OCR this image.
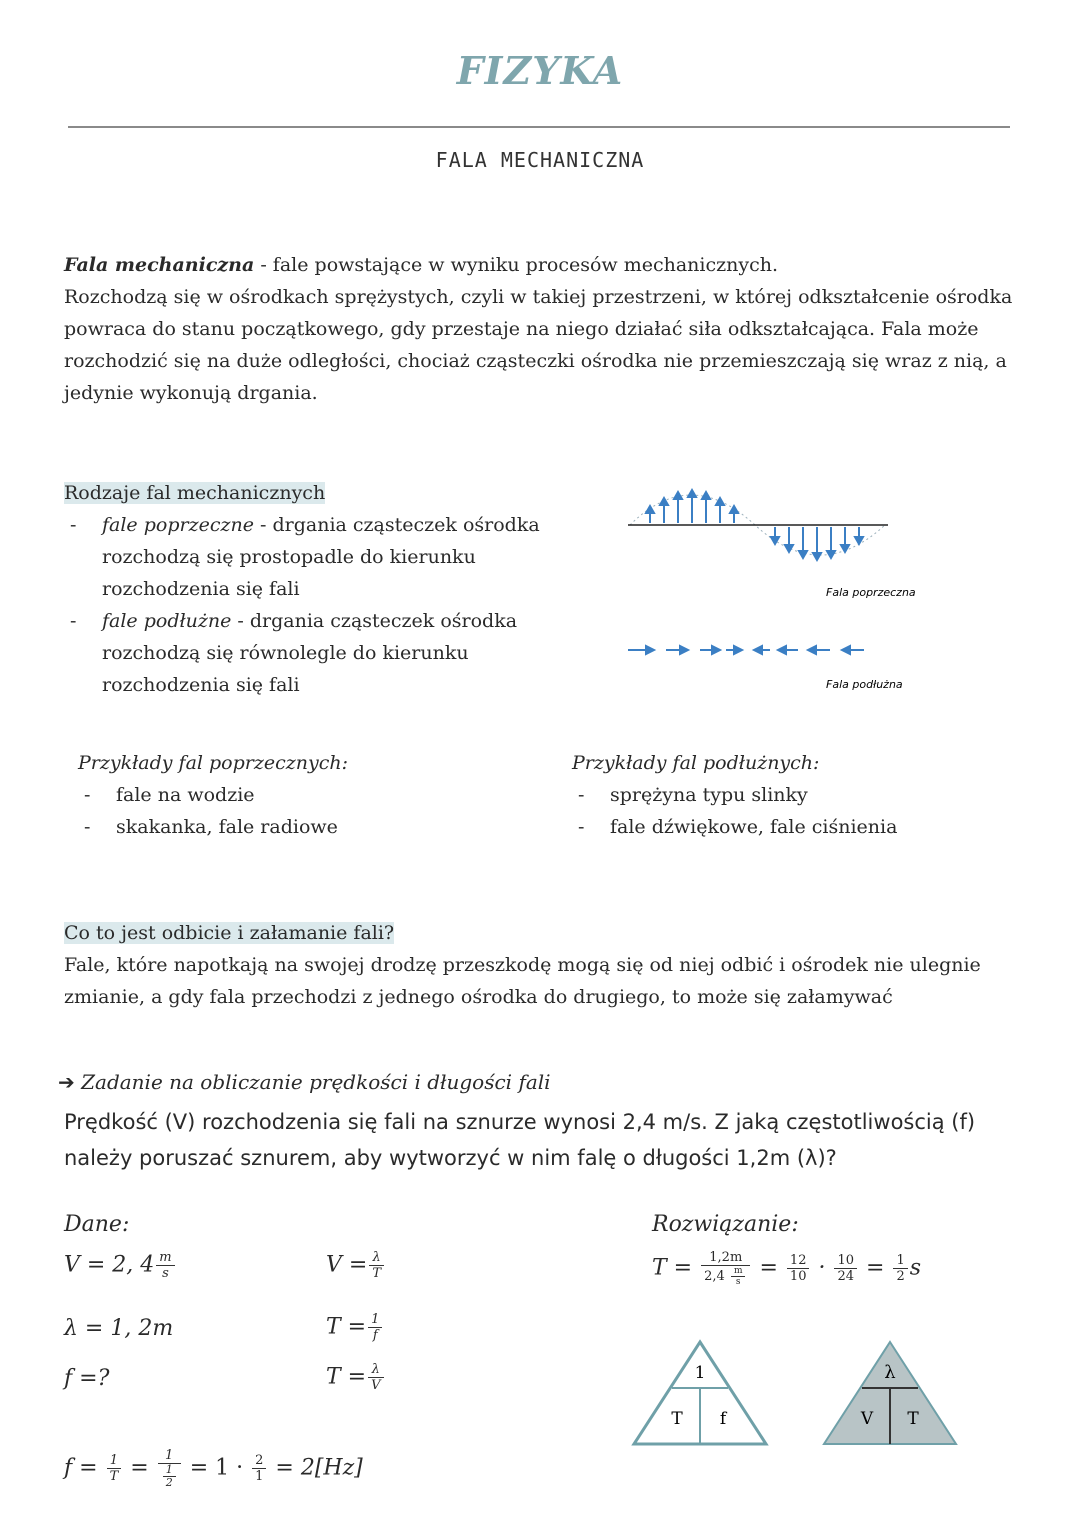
FIZYKA
FALA MECHANICZNA
Fala mechaniczna - fale powstające w wyniku procesów mechanicznych.
Rozchodzą się w ośrodkach sprężystych, czyli w takiej przestrzeni, w której odkształcenie ośrodka powraca do stanu początkowego, gdy przestaje na niego działać siła odkształcająca. Fala może rozchodzić się na duże odległości, chociaż cząsteczki ośrodka nie przemieszczają się wraz z nią, a jedynie wykonują drgania.
Rodzaje fal mechanicznych
-	fale poprzeczne - drgania cząsteczek ośrodka rozchodzą się prostopadle do kierunku rozchodzenia się fali
-	fale podłużne - drgania cząsteczek ośrodka rozchodzą się równolegle do kierunku rozchodzenia się fali
Fala poprzeczna
Fala podłużna
Przykłady fal poprzecznych:
-	fale na wodzie
-	skakanka, fale radiowe
Przykłady fal podłużnych:
-	sprężyna typu slinky
-	fale dźwiękowe, fale ciśnienia
Co to jest odbicie i załamanie fali?
Fale, które napotkają na swojej drodzę przeszkodę mogą się od niej odbić i ośrodek nie ulegnie zmianie, a gdy fala przechodzi z jednego ośrodka do drugiego, to może się załamywać
➔ Zadanie na obliczanie prędkości i długości fali
Prędkość (V) rozchodzenia się fali na sznurze wynosi 2,4 m/s. Z jaką częstotliwością (f) należy poruszać sznurem, aby wytworzyć w nim falę o długości 1,2m (λ)?
Dane:
V = 2, $4 \frac{m}{s}$
λ = 1, 2m
f =?
$V = \frac{\lambda}{T}$
$T = \frac{1}{f}$
$T = \frac{\lambda}{V}$
Rozwiązanie:
$T = \frac{1,2m}{2,4 \frac{m}{s}} = \frac{12}{10} \cdot \frac{10}{24} = \frac{1}{2}$ s
$f = \frac{1}{T} = \frac{1}{\frac{1}{2}} = 1 \cdot \frac{2}{1} = 2[Hz]$
1
T f
λ
V T
